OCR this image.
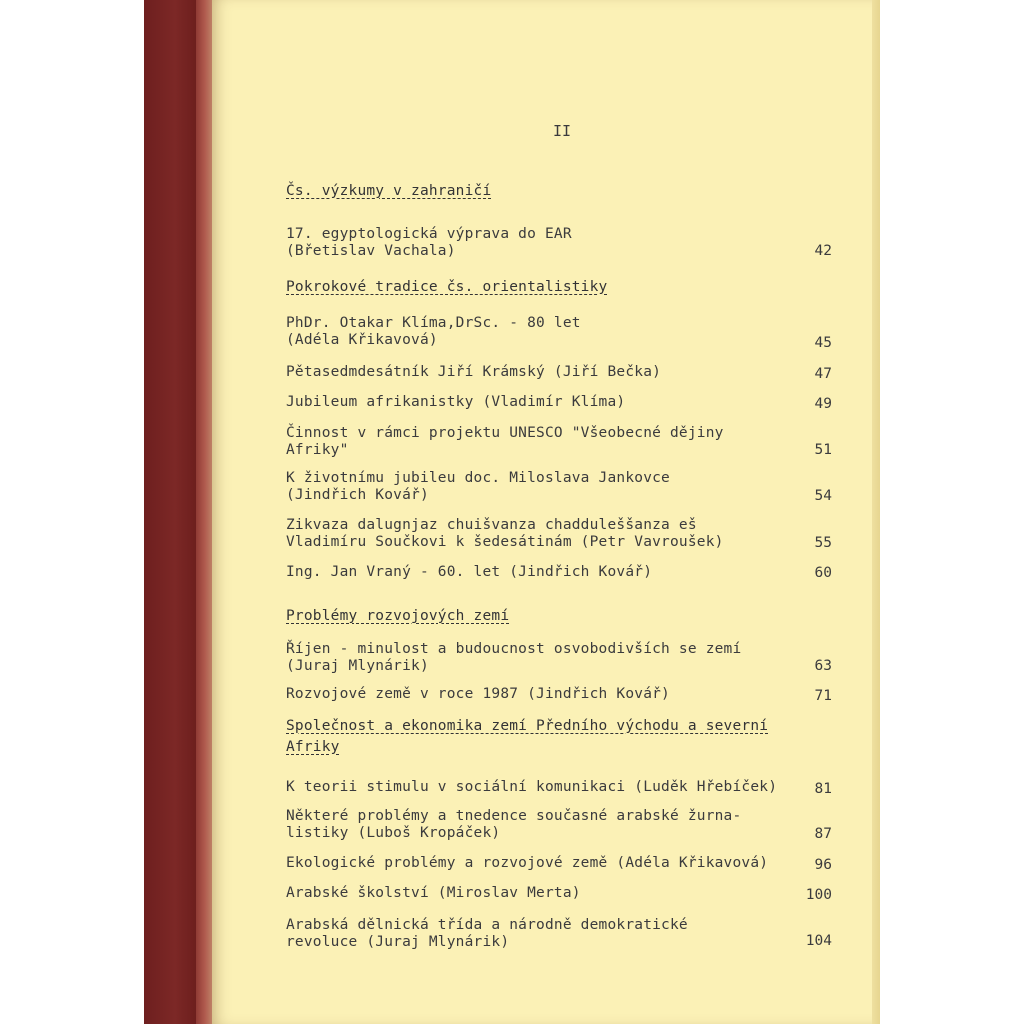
II
Čs. výzkumy v zahraničí
17. egyptologická výprava do EAR
(Břetislav Vachala)	42
Pokrokové tradice čs. orientalistiky
PhDr. Otakar Klíma,DrSc. - 80 let
(Adéla Křikavová)	45
Pětasedmdesátník Jiří Krámský (Jiří Bečka)	47
Jubileum afrikanistky (Vladimír Klíma)	49
Činnost v rámci projektu UNESCO "Všeobecné dějiny
Afriky"	51
K životnímu jubileu doc. Miloslava Jankovce
(Jindřich Kovář)	54
Zikvaza dalugnjaz chuišvanza chadduleššanza eš
Vladimíru Součkovi k šedesátinám (Petr Vavroušek)	55
Ing. Jan Vraný - 60. let (Jindřich Kovář)	60
Problémy rozvojových zemí
Říjen - minulost a budoucnost osvobodivších se zemí
(Juraj Mlynárik)	63
Rozvojové země v roce 1987 (Jindřich Kovář)	71
Společnost a ekonomika zemí Předního východu a severní
Afriky
K teorii stimulu v sociální komunikaci (Luděk Hřebíček)	81
Některé problémy a tnedence současné arabské žurna-
listiky (Luboš Kropáček)	87
Ekologické problémy a rozvojové země (Adéla Křikavová)	96
Arabské školství (Miroslav Merta)	100
Arabská dělnická třída a národně demokratické
revoluce (Juraj Mlynárik)	104
